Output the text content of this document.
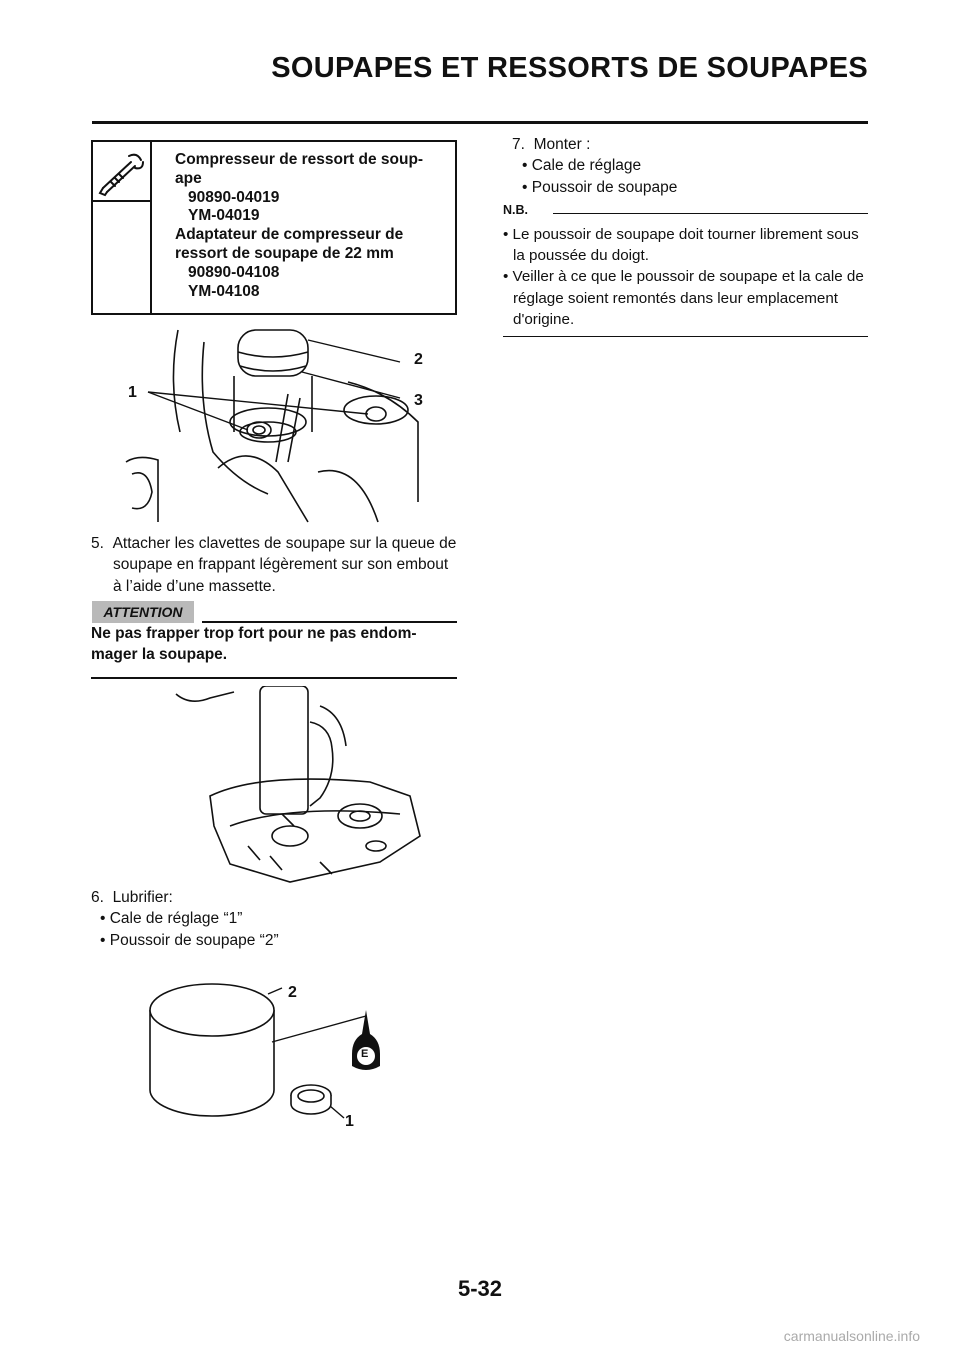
SOUPAPES ET RESSORTS DE SOUPAPES
Compresseur de ressort de soup-
ape
90890-04019
YM-04019
Adaptateur de compresseur de
ressort de soupape de 22 mm
90890-04108
YM-04108
1
2
3
5. Attacher les clavettes de soupape sur la queue de soupape en frappant légèrement sur son embout à l’aide d’une massette.
ATTENTION
Ne pas frapper trop fort pour ne pas endom-mager la soupape.
6. Lubrifier:
• Cale de réglage “1”
• Poussoir de soupape “2”
2
E
1
7. Monter :
• Cale de réglage
• Poussoir de soupape
N.B.
• Le poussoir de soupape doit tourner librement sous la poussée du doigt.
• Veiller à ce que le poussoir de soupape et la cale de réglage soient remontés dans leur emplacement d'origine.
5-32
carmanualsonline.info
